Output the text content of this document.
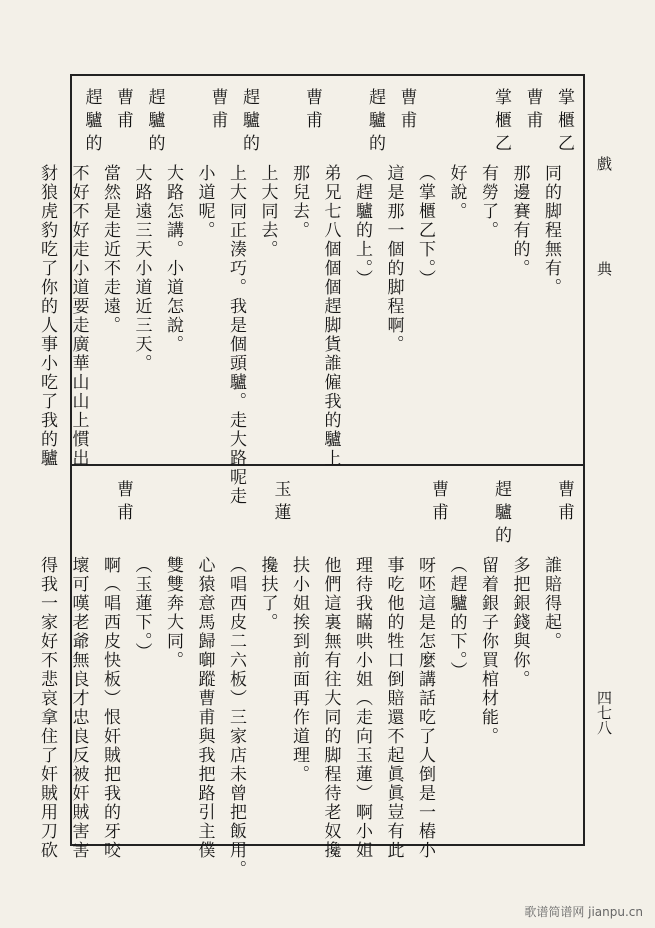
戲典
四七八
掌櫃乙
同的脚程無有。
曹甫
那邊賽有的。
掌櫃乙
有勞了。
好說。
（掌櫃乙下。）
曹甫
這是那一個的脚程啊。
趕驢的
（趕驢的上。）
弟兄七八個個個趕脚貨誰僱我的驢上
曹甫
那兒去。
上大同去。
趕驢的
上大同正湊巧。我是個頭驢。走大路呢走
曹甫
小道呢。
大路怎講。小道怎說。
趕驢的
大路遠三天小道近三天。
曹甫
當然是走近不走遠。
趕驢的
不好不好走小道要走廣華山山上慣出
豺狼虎豹吃了你的人事小吃了我的驢
曹甫
誰賠得起。
多把銀錢與你。
趕驢的
留着銀子你買棺材能。
（趕驢的下。）
曹甫
呀呸這是怎麼講話吃了人倒是一樁小
事吃他的牲口倒賠還不起眞眞豈有此
理待我瞞哄小姐（走向玉蓮）啊小姐
他們這裏無有往大同的脚程待老奴攙
扶小姐挨到前面再作道理。
玉蓮
攙扶了。
（唱西皮二六板）三家店未曾把飯用。
心猿意馬歸啣蹤曹甫與我把路引主僕
雙雙奔大同。
（玉蓮下。）
曹甫
啊（唱西皮快板）恨奸賊把我的牙咬
壞可嘆老爺無良才忠良反被奸賊害害
得我一家好不悲哀拿住了奸賊用刀砍
歌谱简谱网 jianpu.cn
